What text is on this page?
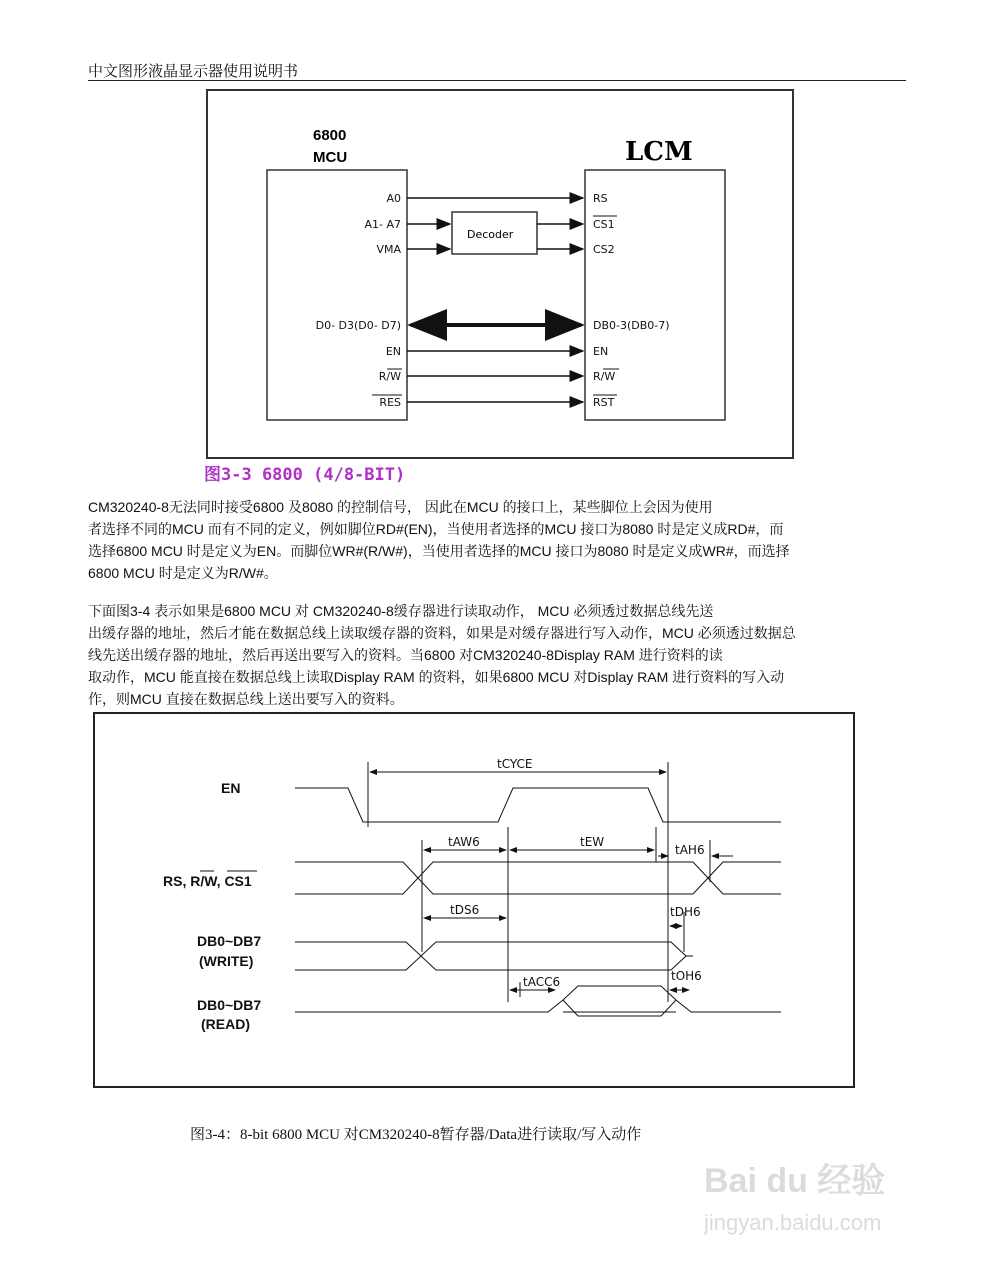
中文图形液晶显示器使用说明书
6800
MCU	LCM
Decoder
A0
A1- A7
VMA
D0- D3(D0- D7)
EN
R/W
RES
RS
CS1
CS2
DB0-3(DB0-7)
EN
R/W
RST
图3-3 6800 (4/8-BIT)
CM320240-8无法同时接受6800 及8080 的控制信号， 因此在MCU 的接口上，某些脚位上会因为使用
者选择不同的MCU 而有不同的定义，例如脚位RD#(EN)，当使用者选择的MCU 接口为8080 时是定义成RD#，而
选择6800 MCU 时是定义为EN。而脚位WR#(R/W#)，当使用者选择的MCU 接口为8080 时是定义成WR#，而选择
6800 MCU 时是定义为R/W#。
下面图3-4 表示如果是6800 MCU 对 CM320240-8缓存器进行读取动作， MCU 必须透过数据总线先送
出缓存器的地址，然后才能在数据总线上读取缓存器的资料，如果是对缓存器进行写入动作，MCU 必须透过数据总
线先送出缓存器的地址，然后再送出要写入的资料。当6800 对CM320240-8Display RAM 进行资料的读
取动作，MCU 能直接在数据总线上读取Display RAM 的资料，如果6800 MCU 对Display RAM 进行资料的写入动
作，则MCU 直接在数据总线上送出要写入的资料。
EN
RS, R/W, CS1
DB0~DB7
(WRITE)
DB0~DB7
(READ)
tCYCE
tAW6	tEW
tAH6
tDS6	tDH6
tACC6	tOH6
图3-4：8-bit 6800 MCU 对CM320240-8暂存器/Data进行读取/写入动作
Bai du 经验
jingyan.baidu.com
